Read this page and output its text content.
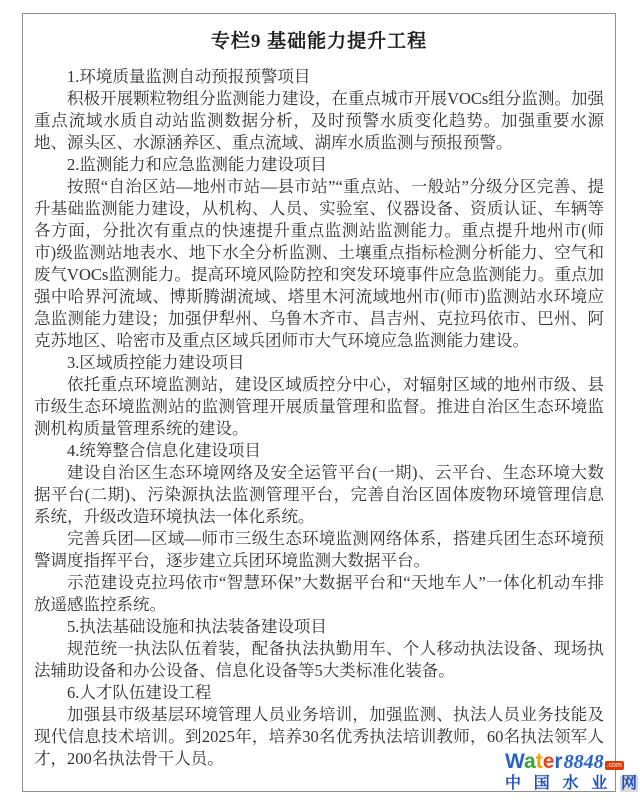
专栏9 基础能力提升工程

1.环境质量监测自动预报预警项目

积极开展颗粒物组分监测能力建设，在重点城市开展VOCs组分监测。加强重点流域水质自动站监测数据分析，及时预警水质变化趋势。加强重要水源地、源头区、水源涵养区、重点流域、湖库水质监测与预报预警。

2.监测能力和应急监测能力建设项目

按照“自治区站—地州市站—县市站”“重点站、一般站”分级分区完善、提升基础监测能力建设，从机构、人员、实验室、仪器设备、资质认证、车辆等各方面，分批次有重点的快速提升重点监测站监测能力。重点提升地州市(师市)级监测站地表水、地下水全分析监测、土壤重点指标检测分析能力、空气和废气VOCs监测能力。提高环境风险防控和突发环境事件应急监测能力。重点加强中哈界河流域、博斯腾湖流域、塔里木河流域地州市(师市)监测站水环境应急监测能力建设；加强伊犁州、乌鲁木齐市、昌吉州、克拉玛依市、巴州、阿克苏地区、哈密市及重点区域兵团师市大气环境应急监测能力建设。

3.区域质控能力建设项目

依托重点环境监测站，建设区域质控分中心，对辐射区域的地州市级、县市级生态环境监测站的监测管理开展质量管理和监督。推进自治区生态环境监测机构质量管理系统的建设。

4.统筹整合信息化建设项目

建设自治区生态环境网络及安全运管平台(一期)、云平台、生态环境大数据平台(二期)、污染源执法监测管理平台，完善自治区固体废物环境管理信息系统，升级改造环境执法一体化系统。

完善兵团—区域—师市三级生态环境监测网络体系，搭建兵团生态环境预警调度指挥平台，逐步建立兵团环境监测大数据平台。

示范建设克拉玛依市“智慧环保”大数据平台和“天地车人”一体化机动车排放遥感监控系统。

5.执法基础设施和执法装备建设项目

规范统一执法队伍着装，配备执法执勤用车、个人移动执法设备、现场执法辅助设备和办公设备、信息化设备等5大类标准化装备。

6.人才队伍建设工程

加强县市级基层环境管理人员业务培训，加强监测、执法人员业务技能及现代信息技术培训。到2025年，培养30名优秀执法培训教师，60名执法领军人才，200名执法骨干人员。	Water 8848 .com
中 国 水 业 网
